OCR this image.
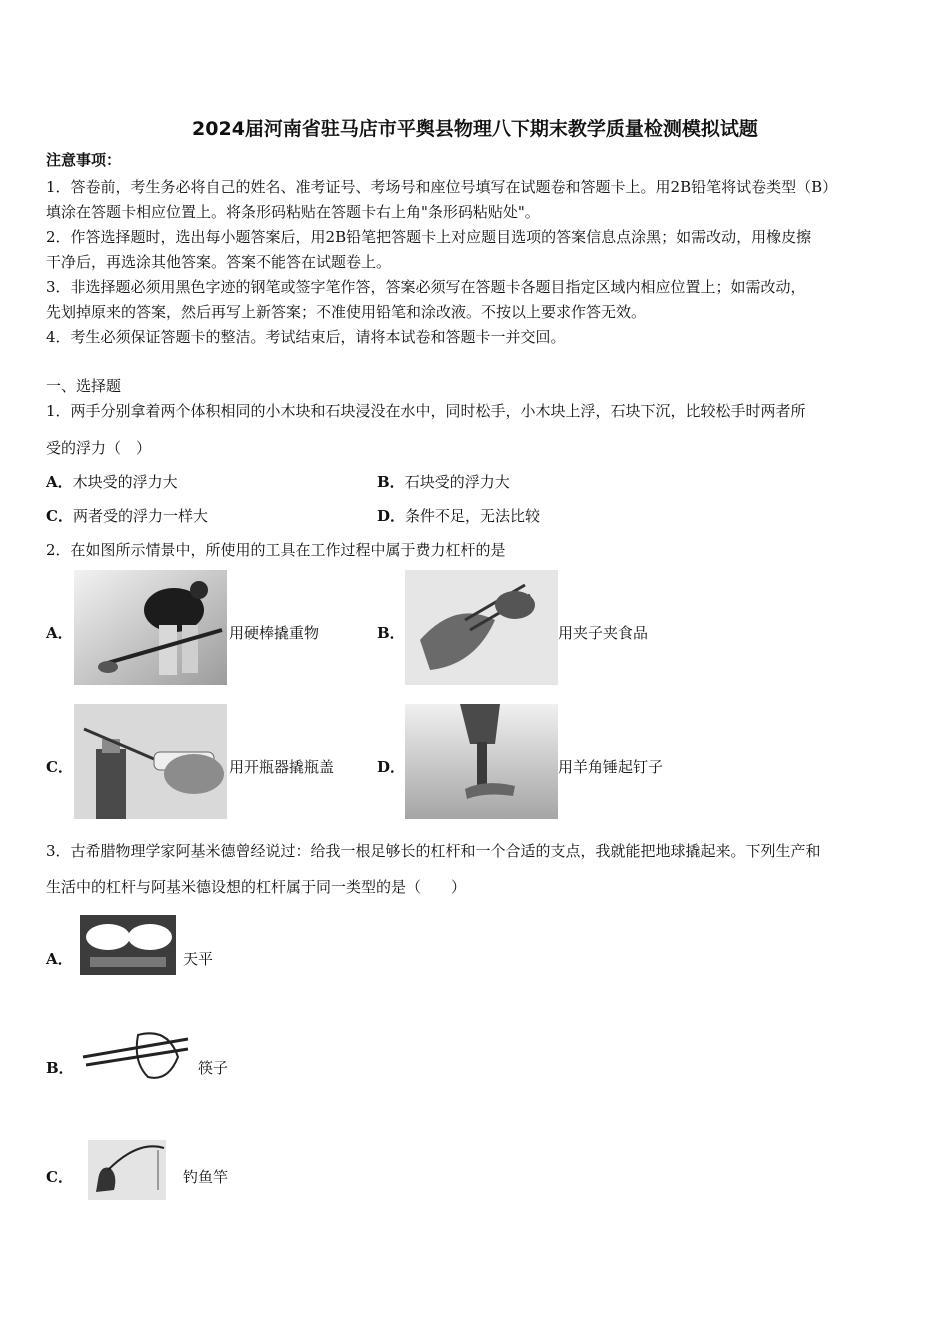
2024届河南省驻马店市平舆县物理八下期末教学质量检测模拟试题
注意事项：
1．答卷前，考生务必将自己的姓名、准考证号、考场号和座位号填写在试题卷和答题卡上。用2B铅笔将试卷类型（B）
填涂在答题卡相应位置上。将条形码粘贴在答题卡右上角"条形码粘贴处"。
2．作答选择题时，选出每小题答案后，用2B铅笔把答题卡上对应题目选项的答案信息点涂黑；如需改动，用橡皮擦
干净后，再选涂其他答案。答案不能答在试题卷上。
3．非选择题必须用黑色字迹的钢笔或签字笔作答，答案必须写在答题卡各题目指定区域内相应位置上；如需改动，
先划掉原来的答案，然后再写上新答案；不准使用铅笔和涂改液。不按以上要求作答无效。
4．考生必须保证答题卡的整洁。考试结束后，请将本试卷和答题卡一并交回。
一、选择题
1．两手分别拿着两个体积相同的小木块和石块浸没在水中，同时松手，小木块上浮，石块下沉，比较松手时两者所
受的浮力（　）
A．木块受的浮力大	B．石块受的浮力大
C．两者受的浮力一样大	D．条件不足，无法比较
2．在如图所示情景中，所使用的工具在工作过程中属于费力杠杆的是
A．	用硬棒撬重物	B．	用夹子夹食品
C．	用开瓶器撬瓶盖	D．	用羊角锤起钉子
3．古希腊物理学家阿基米德曾经说过：给我一根足够长的杠杆和一个合适的支点，我就能把地球撬起来。下列生产和
生活中的杠杆与阿基米德设想的杠杆属于同一类型的是（　　）
A．	天平
B．	筷子
C．	钓鱼竿
